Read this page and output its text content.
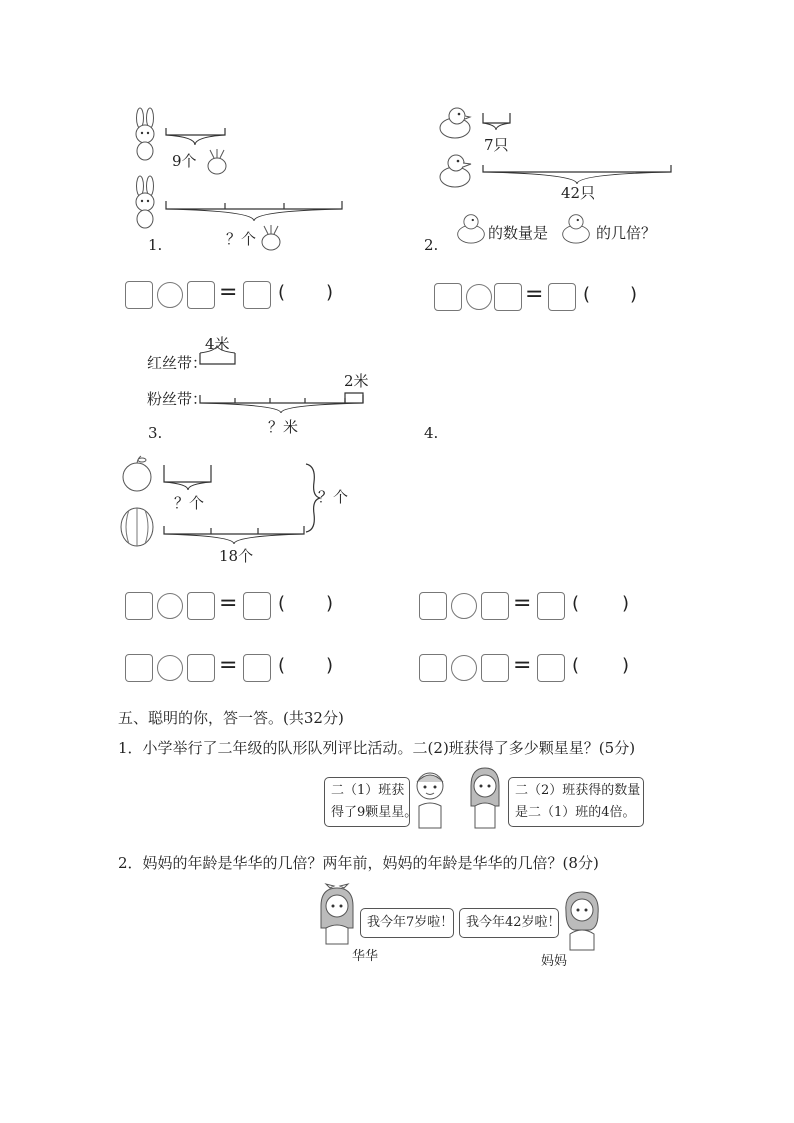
9个
？个
1.
7只
42只
2.
的数量是	的几倍？
= ( )	= ( )
4米
红丝带：
2米
粉丝带：
？米
3.	4.
？个	？个
18个
= ( )	= ( )
= ( )	= ( )
五、聪明的你，答一答。(共32分)
1．小学举行了二年级的队形队列评比活动。二(2)班获得了多少颗星星？(5分)
二（1）班获
得了9颗星星。
二（2）班获得的数量
是二（1）班的4倍。
2．妈妈的年龄是华华的几倍？两年前，妈妈的年龄是华华的几倍？(8分)
华华
我今年7岁啦！ 我今年42岁啦！
妈妈
